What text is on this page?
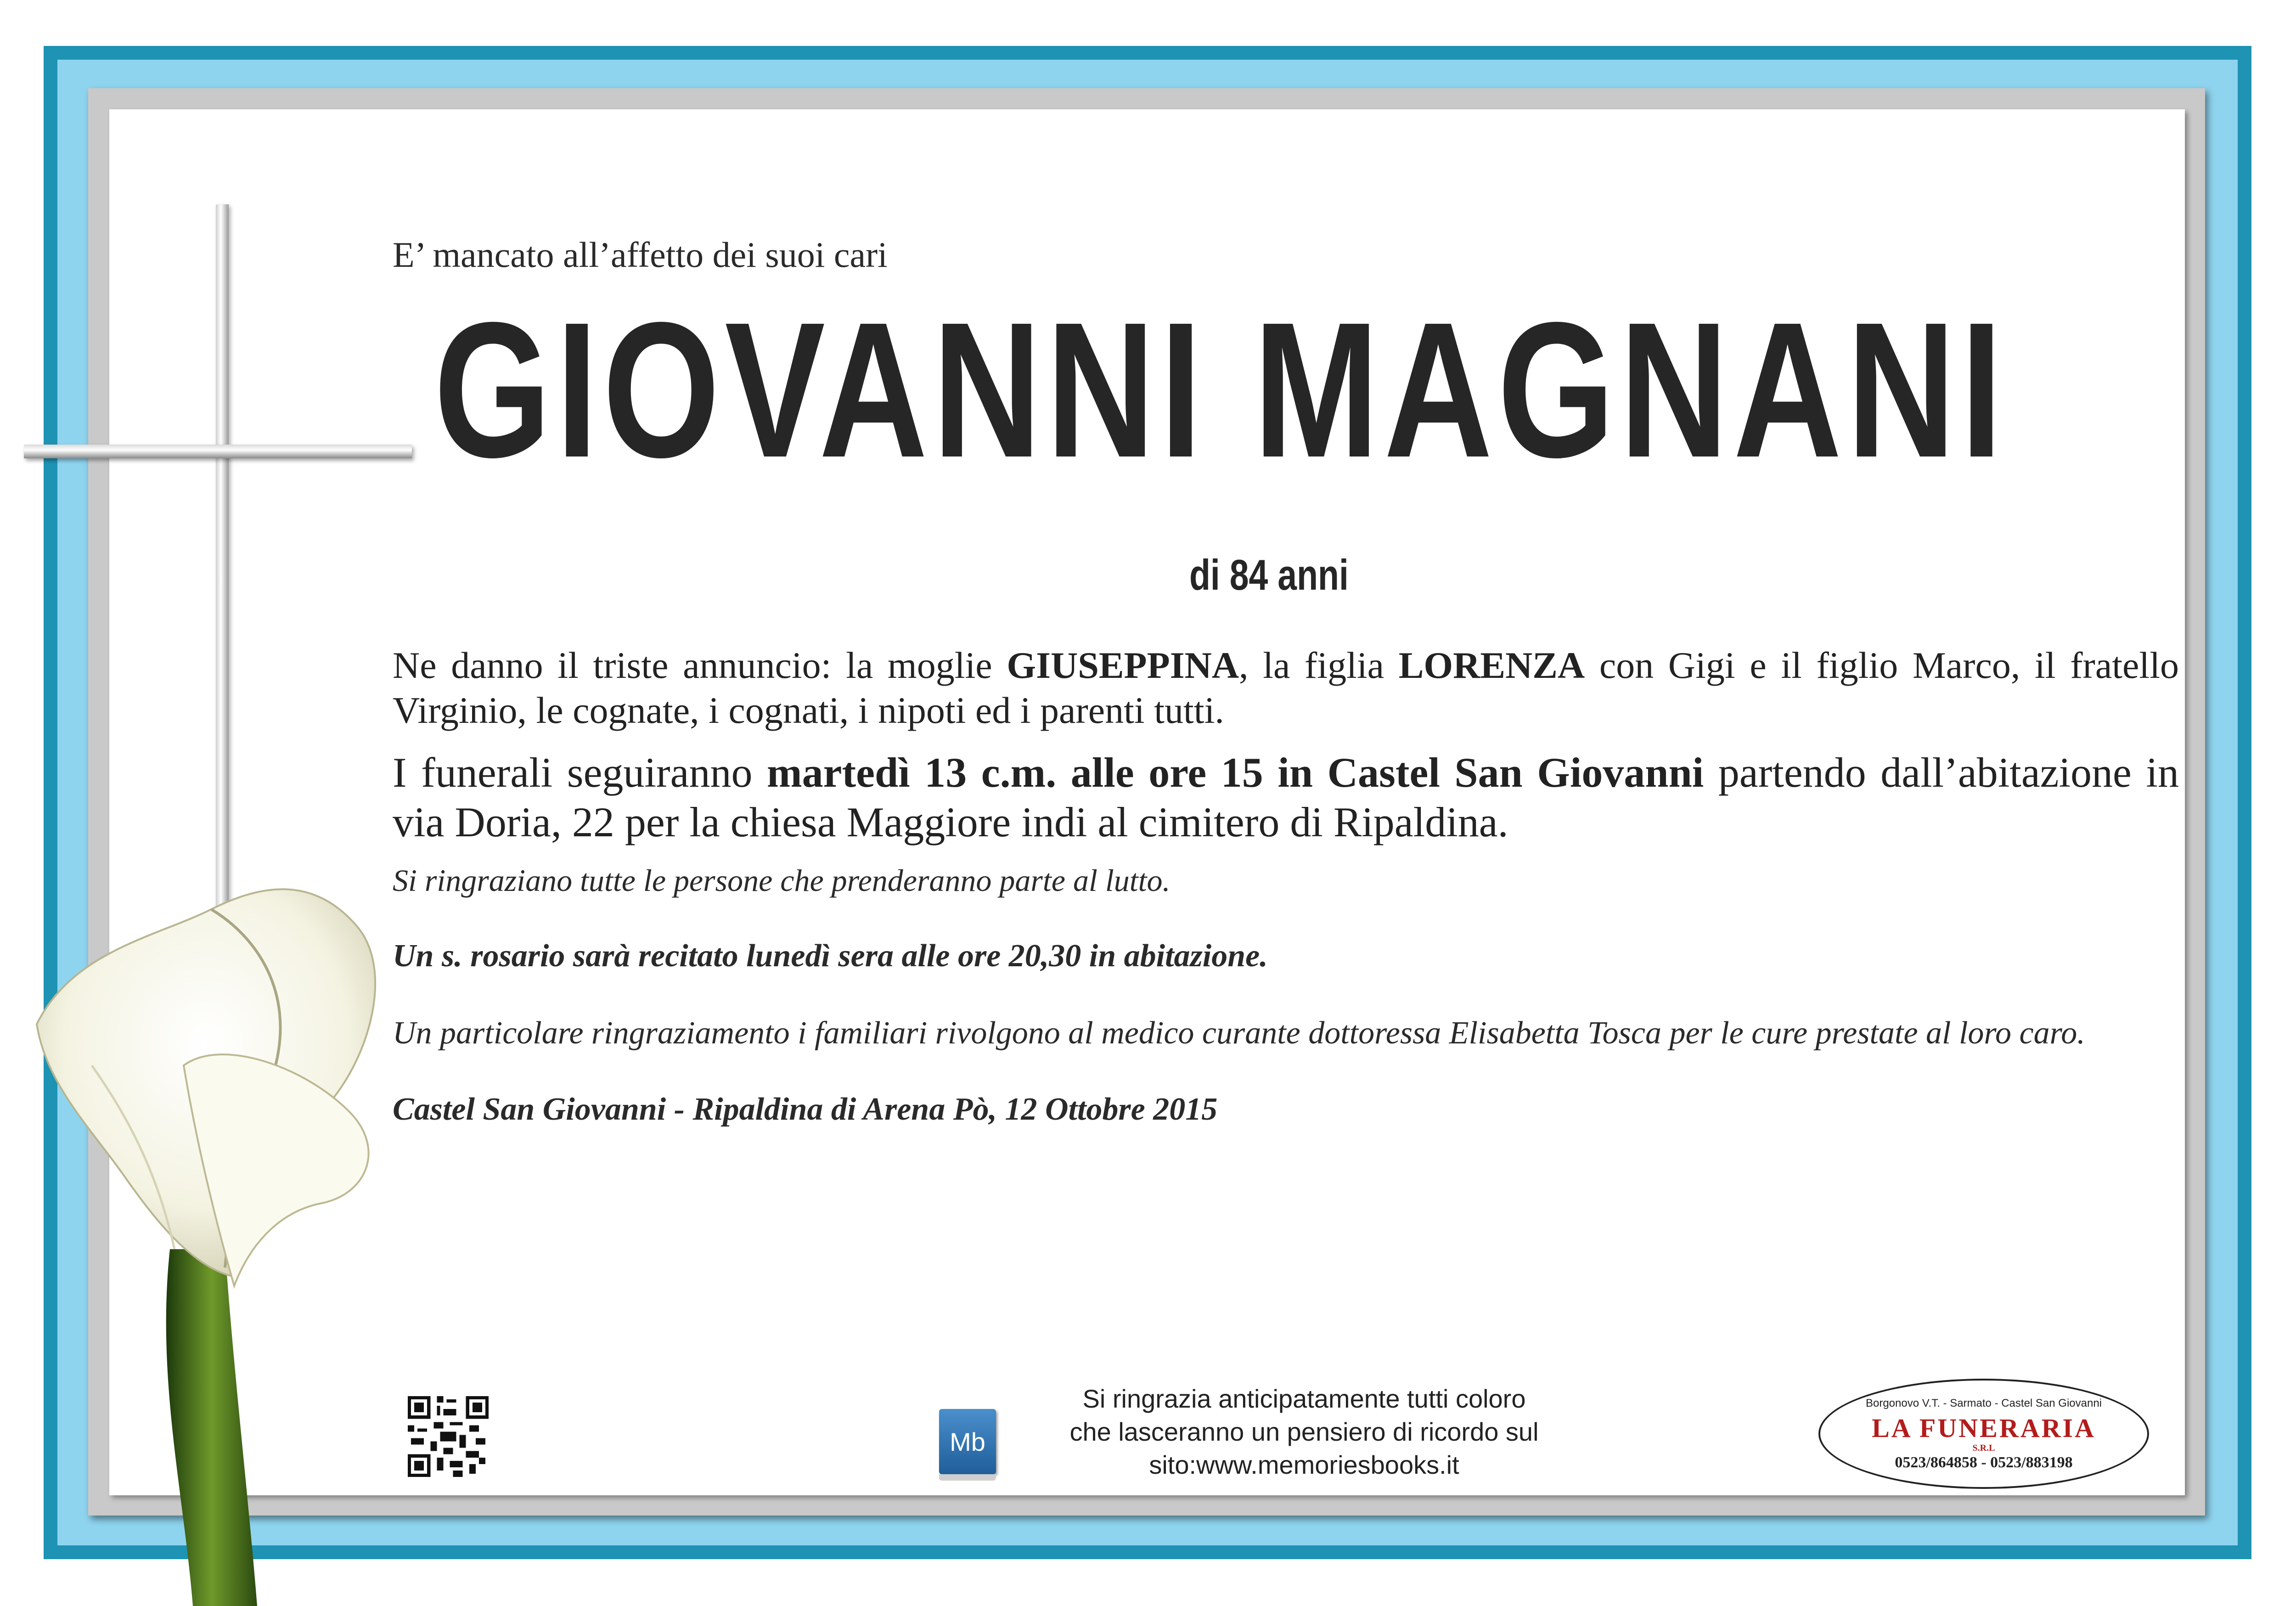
E’ mancato all’affetto dei suoi cari
GIOVANNI MAGNANI
di 84 anni
Ne danno il triste annuncio: la moglie GIUSEPPINA, la figlia LORENZA con Gigi e il figlio Marco, il fratello Virginio, le cognate, i cognati, i nipoti ed i parenti tutti.
I funerali seguiranno martedì 13 c.m. alle ore 15 in Castel San Giovanni partendo dall’abitazione in via Doria, 22 per la chiesa Maggiore indi al cimitero di Ripaldina.
Si ringraziano tutte le persone che prenderanno parte al lutto.
Un s. rosario sarà recitato lunedì sera alle ore 20,30 in abitazione.
Un particolare ringraziamento i familiari rivolgono al medico curante dottoressa Elisabetta Tosca per le cure prestate al loro caro.
Castel San Giovanni - Ripaldina di Arena Pò, 12 Ottobre 2015
Mb
Si ringrazia anticipatamente tutti coloro
che lasceranno un pensiero di ricordo sul
sito:www.memoriesbooks.it
Borgonovo V.T. - Sarmato - Castel San Giovanni
LA FUNERARIA
S.R.L
0523/864858 - 0523/883198
